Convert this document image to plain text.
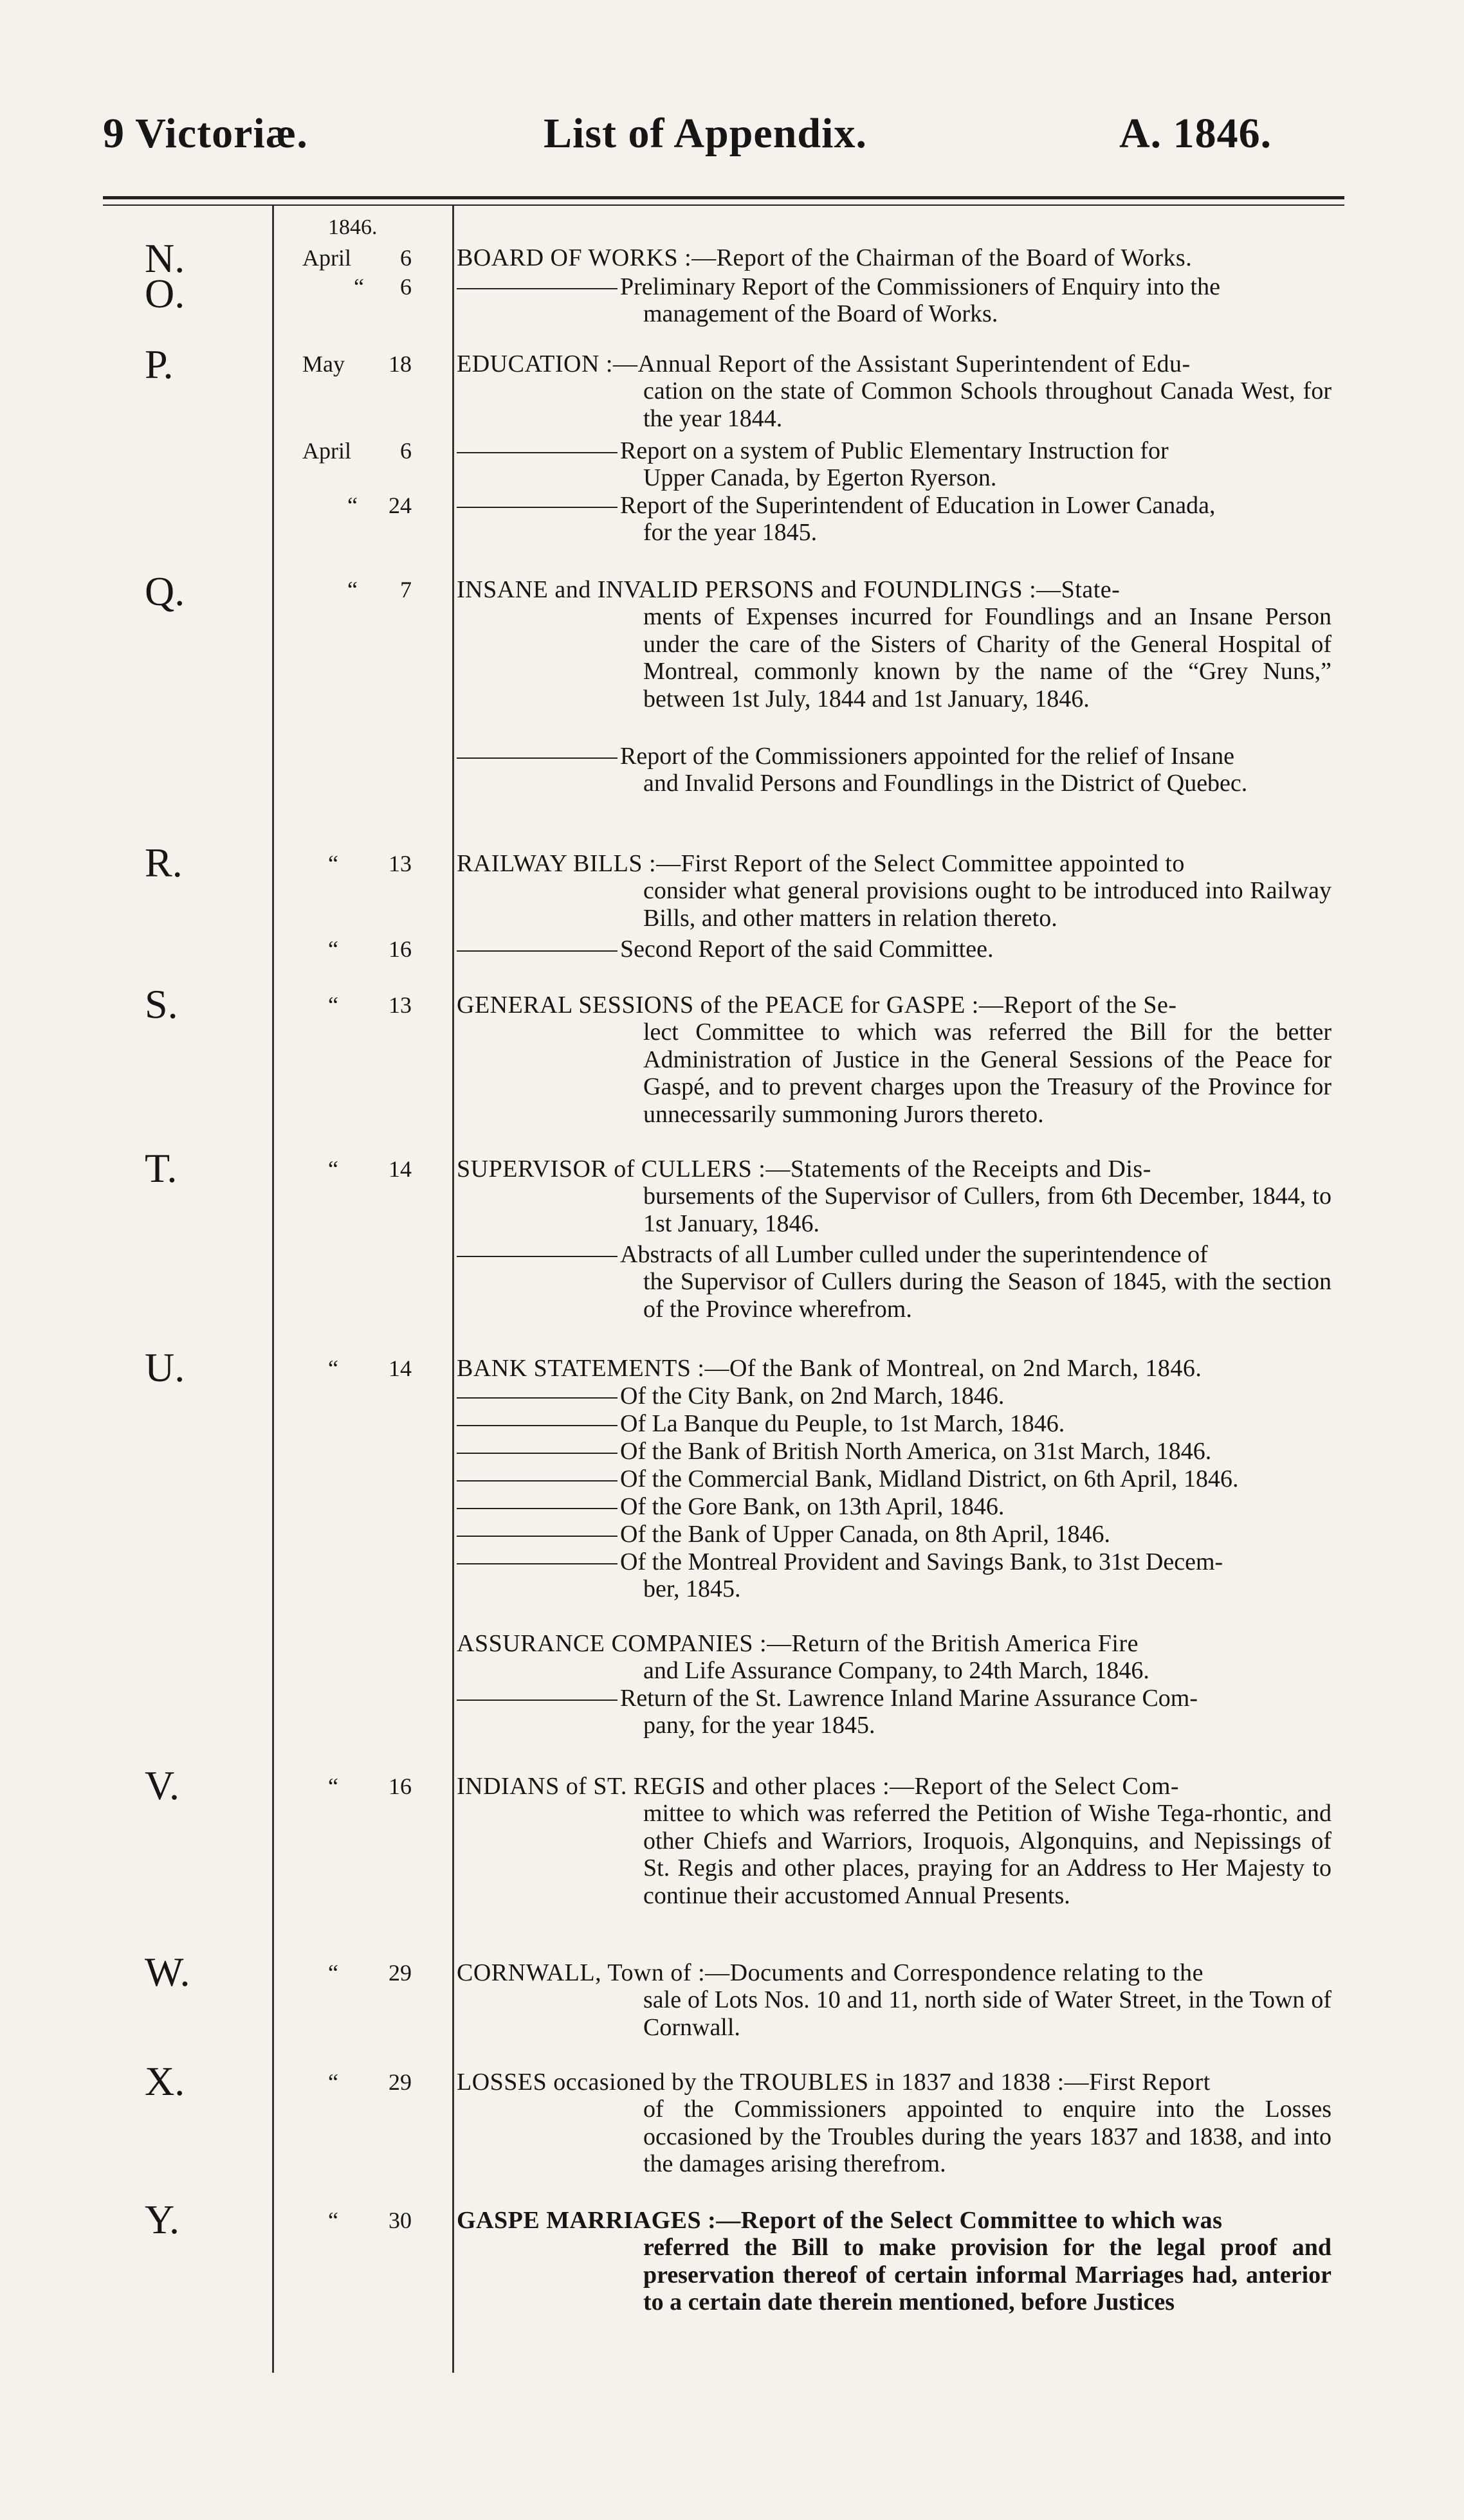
9 Victoriæ.	List of Appendix.	A. 1846.
1846.
N.	April 6 BOARD OF WORKS :—Report of the Chairman of the Board of Works.
O.	“ 6	Preliminary Report of the Commissioners of Enquiry into the
management of the Board of Works.
P.	May 18 EDUCATION :—Annual Report of the Assistant Superintendent of Edu-
cation on the state of Common Schools throughout Canada West, for the year 1844.
April 6	Report on a system of Public Elementary Instruction for
Upper Canada, by Egerton Ryerson.
“ 24	Report of the Superintendent of Education in Lower Canada,
for the year 1845.
Q.	“ 7 INSANE and INVALID PERSONS and FOUNDLINGS :—State-
ments of Expenses incurred for Foundlings and an Insane Person under the care of the Sisters of Charity of the General Hospital of Montreal, commonly known by the name of the “Grey Nuns,” between 1st July, 1844 and 1st January, 1846.
Report of the Commissioners appointed for the relief of Insane
and Invalid Persons and Foundlings in the District of Quebec.
R.	“ 13 RAILWAY BILLS :—First Report of the Select Committee appointed to
consider what general provisions ought to be introduced into Railway Bills, and other matters in relation thereto.
“ 16	Second Report of the said Committee.
S.	“ 13 GENERAL SESSIONS of the PEACE for GASPE :—Report of the Se-
lect Committee to which was referred the Bill for the better Administration of Justice in the General Sessions of the Peace for Gaspé, and to prevent charges upon the Treasury of the Province for unnecessarily summoning Jurors thereto.
T.	“ 14 SUPERVISOR of CULLERS :—Statements of the Receipts and Dis-
bursements of the Supervisor of Cullers, from 6th December, 1844, to 1st January, 1846.
Abstracts of all Lumber culled under the superintendence of
the Supervisor of Cullers during the Season of 1845, with the section of the Province wherefrom.
U.	“ 14 BANK STATEMENTS :—Of the Bank of Montreal, on 2nd March, 1846.
Of the City Bank, on 2nd March, 1846.
Of La Banque du Peuple, to 1st March, 1846.
Of the Bank of British North America, on 31st March, 1846.
Of the Commercial Bank, Midland District, on 6th April, 1846.
Of the Gore Bank, on 13th April, 1846.
Of the Bank of Upper Canada, on 8th April, 1846.
Of the Montreal Provident and Savings Bank, to 31st Decem-
ber, 1845.
ASSURANCE COMPANIES :—Return of the British America Fire
and Life Assurance Company, to 24th March, 1846.
Return of the St. Lawrence Inland Marine Assurance Com-
pany, for the year 1845.
V.	“ 16 INDIANS of ST. REGIS and other places :—Report of the Select Com-
mittee to which was referred the Petition of Wishe Tega-rhontic, and other Chiefs and Warriors, Iroquois, Algonquins, and Nepissings of St. Regis and other places, praying for an Address to Her Majesty to continue their accustomed Annual Presents.
W.	“ 29 CORNWALL, Town of :—Documents and Correspondence relating to the
sale of Lots Nos. 10 and 11, north side of Water Street, in the Town of Cornwall.
X.	“ 29 LOSSES occasioned by the TROUBLES in 1837 and 1838 :—First Report
of the Commissioners appointed to enquire into the Losses occasioned by the Troubles during the years 1837 and 1838, and into the damages arising therefrom.
Y.	“ 30 GASPE MARRIAGES :—Report of the Select Committee to which was
referred the Bill to make provision for the legal proof and preservation thereof of certain informal Marriages had, anterior to a certain date therein mentioned, before Justices
